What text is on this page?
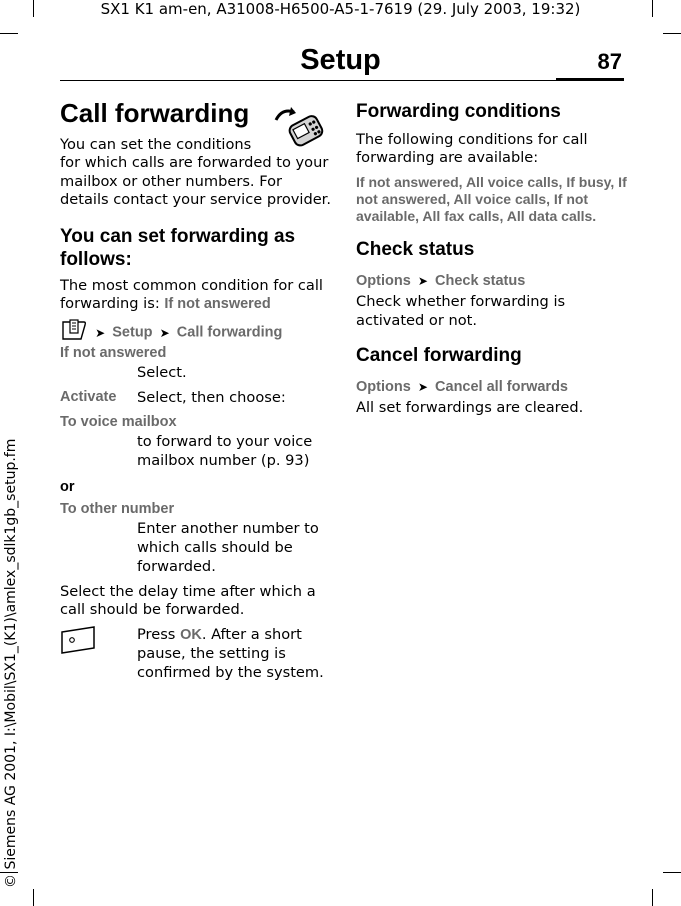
SX1 K1 am-en, A31008-H6500-A5-1-7619 (29. July 2003, 19:32)
Setup	87
© Siemens AG 2001, I:\Mobil\SX1_(K1)\amlex_sdlk1gb_setup.fm
Call forwarding
You can set the conditions
for which calls are forwarded to your
mailbox or other numbers. For
details contact your service provider.
You can set forwarding as
follows:
The most common condition for call
forwarding is: If not answered
➤ Setup ➤ Call forwarding
If not answered
Select.
Activate Select, then choose:
To voice mailbox
to forward to your voice
mailbox number (p. 93)
or
To other number
Enter another number to
which calls should be
forwarded.
Select the delay time after which a
call should be forwarded.
Press OK. After a short
pause, the setting is
confirmed by the system.
Forwarding conditions
The following conditions for call
forwarding are available:
If not answered, All voice calls, If busy, If
not answered, All voice calls, If not
available, All fax calls, All data calls.
Check status
Options ➤ Check status
Check whether forwarding is
activated or not.
Cancel forwarding
Options ➤ Cancel all forwards
All set forwardings are cleared.
